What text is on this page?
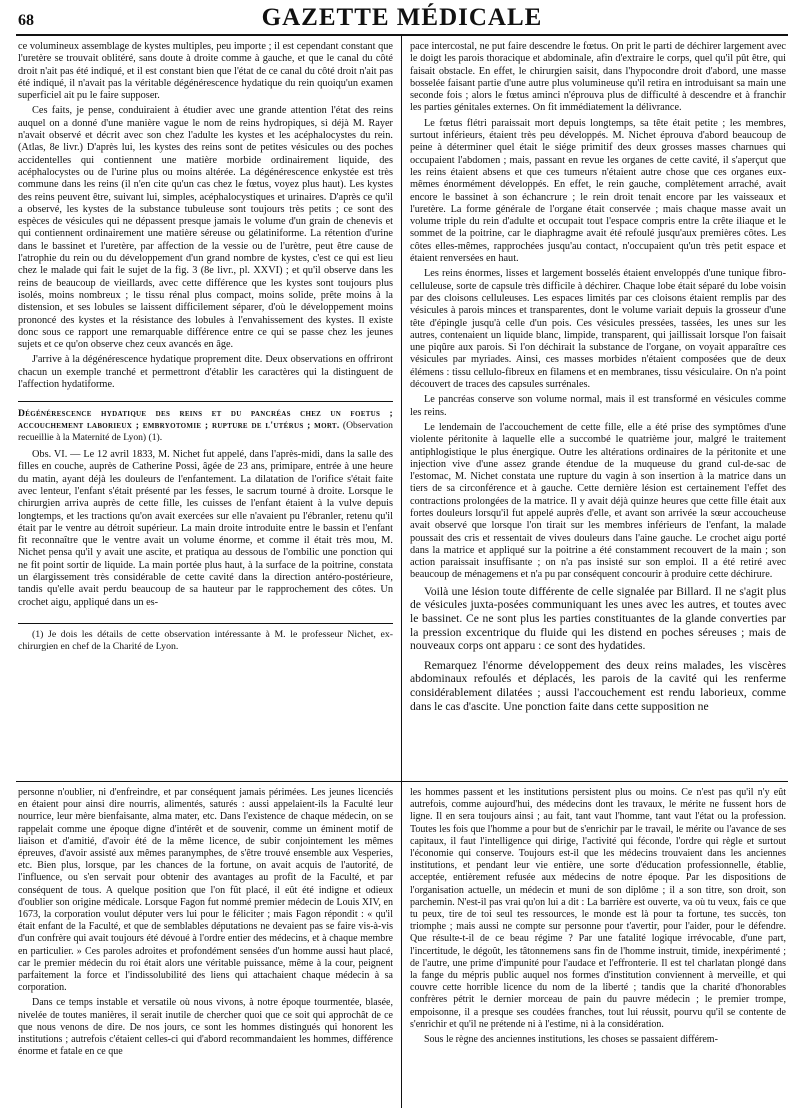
68	GAZETTE MÉDICALE

ce volumineux assemblage de kystes multiples, peu importe ; il est cependant constant que l'uretère se trouvait oblitéré, sans doute à droite comme à gauche, et que le canal du côté droit n'ait pas été indiqué, et il est constant bien que l'état de ce canal du côté droit n'ait pas été indiqué, il n'avait pas la véritable dégénérescence hydatique du rein quoiqu'un examen superficiel ait pu le faire supposer.

Ces faits, je pense, conduiraient à étudier avec une grande attention l'état des reins auquel on a donné d'une manière vague le nom de reins hydropiques, si déjà M. Rayer n'avait observé et décrit avec son chez l'adulte les kystes et les acéphalocystes du rein. (Atlas, 8e livr.) D'après lui, les kystes des reins sont de petites vésicules ou des poches accidentelles qui contiennent une matière morbide ordinairement liquide, des acéphalocystes ou de l'urine plus ou moins altérée. La dégénérescence enkystée est très commune dans les reins (il n'en cite qu'un cas chez le fœtus, voyez plus haut). Les kystes des reins peuvent être, suivant lui, simples, acéphalocystiques et urinaires. D'après ce qu'il a observé, les kystes de la substance tubuleuse sont toujours très petits ; ce sont des espèces de vésicules qui ne dépassent presque jamais le volume d'un grain de chenevis et qui contiennent ordinairement une matière séreuse ou gélatiniforme. La rétention d'urine dans le bassinet et l'uretère, par affection de la vessie ou de l'urètre, peut être cause de l'atrophie du rein ou du développement d'un grand nombre de kystes, c'est ce qui est lieu chez le malade qui fait le sujet de la fig. 3 (8e livr., pl. XXVI) ; et qu'il observe dans les reins de beaucoup de vieillards, avec cette différence que les kystes sont toujours plus isolés, moins nombreux ; le tissu rénal plus compact, moins solide, prête moins à la distension, et ses lobules se laissent difficilement séparer, d'où le développement moins prononcé des kystes et la résistance des lobules à l'envahissement des kystes. Il existe donc sous ce rapport une remarquable différence entre ce qui se passe chez les jeunes sujets et ce qu'on observe chez ceux avancés en âge.

J'arrive à la dégénérescence hydatique proprement dite. Deux observations en offriront chacun un exemple tranché et permettront d'établir les caractères qui la distinguent de l'affection hydatiforme.

Dégénérescence hydatique des reins et du pancréas chez un foetus ; accouchement laborieux ; embryotomie ; rupture de l'utérus ; mort. (Observation recueillie à la Maternité de Lyon) (1).

Obs. VI. — Le 12 avril 1833, M. Nichet fut appelé, dans l'après-midi, dans la salle des filles en couche, auprès de Catherine Possi, âgée de 23 ans, primipare, entrée à une heure du matin, ayant déjà les douleurs de l'enfantement. La dilatation de l'orifice s'était faite avec lenteur, l'enfant s'était présenté par les fesses, le sacrum tourné à droite. Lorsque le chirurgien arriva auprès de cette fille, les cuisses de l'enfant étaient à la vulve depuis longtemps, et les tractions qu'on avait exercées sur elle n'avaient pu l'ébranler, retenu qu'il était par le ventre au détroit supérieur. La main droite introduite entre le bassin et l'enfant fit reconnaître que le ventre avait un volume énorme, et comme il était très mou, M. Nichet pensa qu'il y avait une ascite, et pratiqua au dessous de l'ombilic une ponction qui ne fit point sortir de liquide. La main portée plus haut, à la surface de la poitrine, constata un élargissement très considérable de cette cavité dans la direction antéro-postérieure, tandis qu'elle avait perdu beaucoup de sa hauteur par le rapprochement des côtes. Un crochet aigu, appliqué dans un es-

(1) Je dois les détails de cette observation intéressante à M. le professeur Nichet, ex-chirurgien en chef de la Charité de Lyon.

pace intercostal, ne put faire descendre le fœtus. On prit le parti de déchirer largement avec le doigt les parois thoracique et abdominale, afin d'extraire le corps, quel qu'il pût être, qui faisait obstacle. En effet, le chirurgien saisit, dans l'hypocondre droit d'abord, une masse bosselée faisant partie d'une autre plus volumineuse qu'il retira en introduisant sa main une seconde fois ; alors le fœtus aminci n'éprouva plus de difficulté à descendre et à franchir les parties génitales externes. On fit immédiatement la délivrance.

Le fœtus flétri paraissait mort depuis longtemps, sa tête était petite ; les membres, surtout inférieurs, étaient très peu développés. M. Nichet éprouva d'abord beaucoup de peine à déterminer quel était le siége primitif des deux grosses masses charnues qui occupaient l'abdomen ; mais, passant en revue les organes de cette cavité, il s'aperçut que les reins étaient absens et que ces tumeurs n'étaient autre chose que ces organes eux-mêmes énormément développés. En effet, le rein gauche, complètement arraché, avait encore le bassinet à son échancrure ; le rein droit tenait encore par les vaisseaux et l'uretère. La forme générale de l'organe était conservée ; mais chaque masse avait un volume triple du rein d'adulte et occupait tout l'espace compris entre la crête iliaque et le sommet de la poitrine, car le diaphragme avait été refoulé jusqu'aux premières côtes. Les côtes elles-mêmes, rapprochées jusqu'au contact, n'occupaient qu'un très petit espace et étaient renversées en haut.

Les reins énormes, lisses et largement bosselés étaient enveloppés d'une tunique fibro-celluleuse, sorte de capsule très difficile à déchirer. Chaque lobe était séparé du lobe voisin par des cloisons celluleuses. Les espaces limités par ces cloisons étaient remplis par des vésicules à parois minces et transparentes, dont le volume variait depuis la grosseur d'une tête d'épingle jusqu'à celle d'un pois. Ces vésicules pressées, tassées, les unes sur les autres, contenaient un liquide blanc, limpide, transparent, qui jaillissait lorsque l'on faisait une piqûre aux parois. Si l'on déchirait la substance de l'organe, on voyait apparaître ces vésicules par myriades. Ainsi, ces masses morbides n'étaient composées que de deux élémens : tissu cellulo-fibreux en filamens et en membranes, tissu vésiculaire. On n'a point découvert de traces des capsules surrénales.

Le pancréas conserve son volume normal, mais il est transformé en vésicules comme les reins.

Le lendemain de l'accouchement de cette fille, elle a été prise des symptômes d'une violente péritonite à laquelle elle a succombé le quatrième jour, malgré le traitement antiphlogistique le plus énergique. Outre les altérations ordinaires de la péritonite et une injection vive d'une assez grande étendue de la muqueuse du grand cul-de-sac de l'estomac, M. Nichet constata une rupture du vagin à son insertion à la matrice dans un tiers de sa circonférence et à gauche. Cette dernière lésion est certainement l'effet des contractions prolongées de la matrice. Il y avait déjà quinze heures que cette fille était aux fortes douleurs lorsqu'il fut appelé auprès d'elle, et avant son arrivée la sœur accoucheuse avait observé que lorsque l'on tirait sur les membres inférieurs de l'enfant, la malade poussait des cris et ressentait de vives douleurs dans l'aine gauche. Le crochet aigu porté dans la matrice et appliqué sur la poitrine a été constamment recouvert de la main ; son action paraissait insuffisante ; on n'a pas insisté sur son emploi. Il a été retiré avec beaucoup de ménagemens et n'a pu par conséquent concourir à produire cette déchirure.

Voilà une lésion toute différente de celle signalée par Billard. Il ne s'agit plus de vésicules juxta-posées communiquant les unes avec les autres, et toutes avec le bassinet. Ce ne sont plus les parties constituantes de la glande converties par la pression excentrique du fluide qui les distend en poches séreuses ; mais de nouveaux corps ont apparu : ce sont des hydatides.

Remarquez l'énorme développement des deux reins malades, les viscères abdominaux refoulés et déplacés, les parois de la cavité qui les renferme considérablement dilatées ; aussi l'accouchement est rendu laborieux, comme dans le cas d'ascite. Une ponction faite dans cette supposition ne

personne n'oublier, ni d'enfreindre, et par conséquent jamais périmées. Les jeunes licenciés en étaient pour ainsi dire nourris, alimentés, saturés : aussi appelaient-ils la Faculté leur nourrice, leur mère bienfaisante, alma mater, etc. Dans l'existence de chaque médecin, on se rappelait comme une époque digne d'intérêt et de souvenir, comme un éminent motif de liaison et d'amitié, d'avoir été de la même licence, de subir conjointement les mêmes épreuves, d'avoir assisté aux mêmes paranymphes, de s'être trouvé ensemble aux Vesperies, etc. Bien plus, lorsque, par les chances de la fortune, on avait acquis de l'autorité, de l'influence, ou s'en servait pour obtenir des avantages au profit de la Faculté, et par conséquent de tous. A quelque position que l'on fût placé, il eût été indigne et odieux d'oublier son origine médicale. Lorsque Fagon fut nommé premier médecin de Louis XIV, en 1673, la corporation voulut députer vers lui pour le féliciter ; mais Fagon répondit : « qu'il était enfant de la Faculté, et que de semblables députations ne devaient pas se faire vis-à-vis d'un confrère qui avait toujours été dévoué à l'ordre entier des médecins, et à chaque membre en particulier. » Ces paroles adroites et profondément sensées d'un homme aussi haut placé, car le premier médecin du roi était alors une véritable puissance, même à la cour, peignent parfaitement la force et l'indissolubilité des liens qui attachaient chaque médecin à sa corporation.

Dans ce temps instable et versatile où nous vivons, à notre époque tourmentée, blasée, nivelée de toutes manières, il serait inutile de chercher quoi que ce soit qui approchât de ce que nous venons de dire. De nos jours, ce sont les hommes distingués qui honorent les institutions ; autrefois c'étaient celles-ci qui d'abord recommandaient les hommes, différence énorme et fatale en ce que

les hommes passent et les institutions persistent plus ou moins. Ce n'est pas qu'il n'y eût autrefois, comme aujourd'hui, des médecins dont les travaux, le mérite ne fussent hors de ligne. Il en sera toujours ainsi ; au fait, tant vaut l'homme, tant vaut l'état ou la profession. Toutes les fois que l'homme a pour but de s'enrichir par le travail, le mérite ou l'avance de ses capitaux, il faut l'intelligence qui dirige, l'activité qui féconde, l'ordre qui règle et surtout l'économie qui conserve. Toujours est-il que les médecins trouvaient dans les anciennes institutions, et pendant leur vie entière, une sorte d'éducation professionnelle, établie, acceptée, entièrement refusée aux médecins de notre époque. Par les dispositions de l'organisation actuelle, un médecin et muni de son diplôme ; il a son titre, son droit, son parchemin. N'est-il pas vrai qu'on lui a dit : La barrière est ouverte, va où tu veux, fais ce que tu peux, tire de toi seul tes ressources, le monde est là pour ta fortune, tes succès, ton triomphe ; mais aussi ne compte sur personne pour t'avertir, pour l'aider, pour le défendre. Que résulte-t-il de ce beau régime ? Par une fatalité logique irrévocable, d'une part, l'incertitude, le dégoût, les tâtonnemens sans fin de l'homme instruit, timide, inexpérimenté ; de l'autre, une prime d'impunité pour l'audace et l'effronterie. Il est tel charlatan plongé dans la fange du mépris public auquel nos formes d'institution conviennent à merveille, et qui couvre cette horrible licence du nom de la liberté ; tandis que la charité d'honorables confrères pétrit le dernier morceau de pain du pauvre médecin ; le premier trompe, empoisonne, il a presque ses coudées franches, tout lui réussit, pourvu qu'il se contente de s'enrichir et qu'il ne prétende ni à l'estime, ni à la considération.

Sous le règne des anciennes institutions, les choses se passaient différem-
